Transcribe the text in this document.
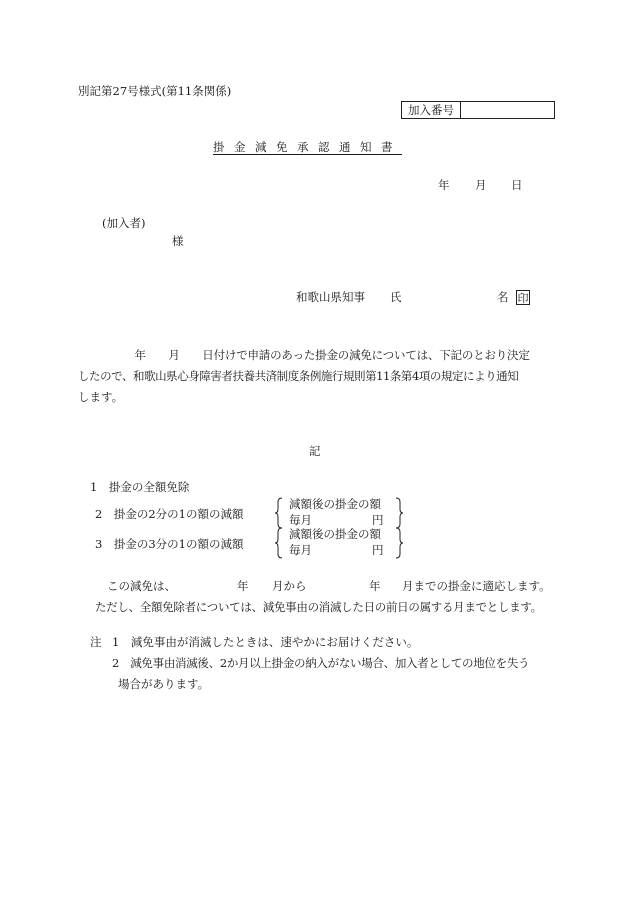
別記第27号様式(第11条関係)
加入番号
掛金減免承認通知書
年 月 日
(加入者)
様
和歌山県知事 氏	名 印
　　　　　年　　月　　日付けで申請のあった掛金の減免については、下記のとおり決定
したので、和歌山県心身障害者扶養共済制度条例施行規則第11条第4項の規定により通知
します。
記
1　掛金の全額免除
2　掛金の2分の1の額の減額
減額後の掛金の額
毎月	円
3　掛金の3分の1の額の減額
減額後の掛金の額
毎月	円
この減免は、	年 月から	年 月までの掛金に適応します。
ただし、全額免除者については、減免事由の消滅した日の前日の属する月までとします。
注 1　減免事由が消滅したときは、速やかにお届けください。
2　減免事由消滅後、2か月以上掛金の納入がない場合、加入者としての地位を失う
場合があります。
